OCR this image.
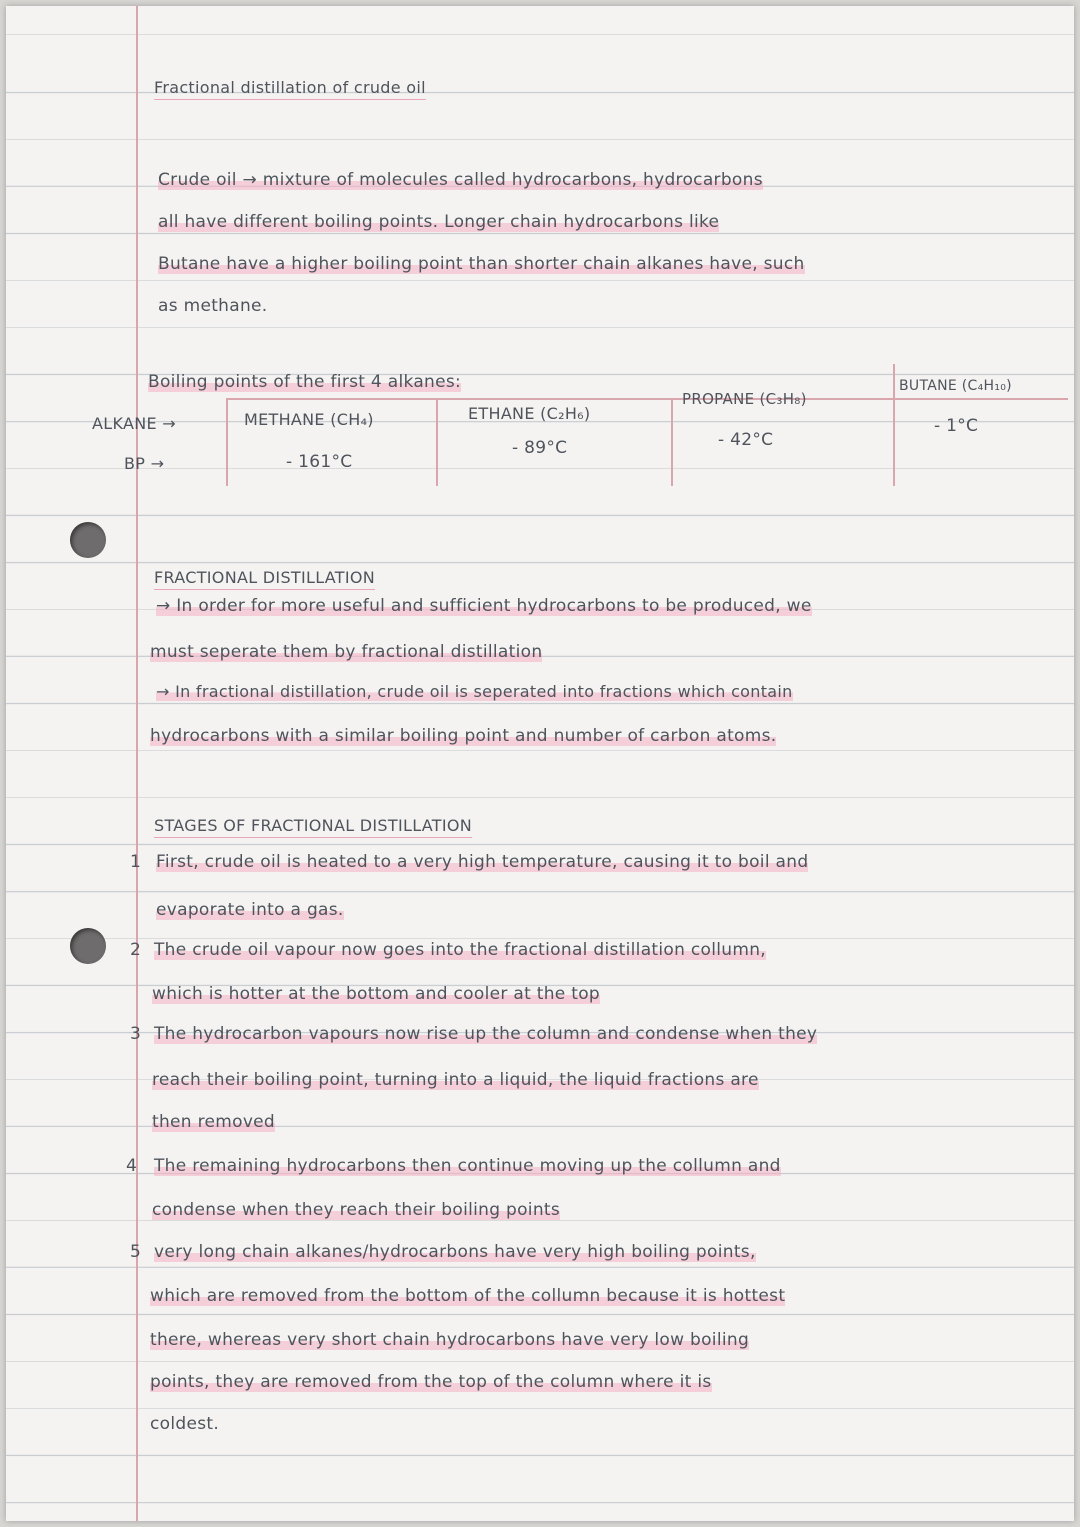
Fractional distillation of crude oil
Crude oil → mixture of molecules called hydrocarbons, hydrocarbons
all have different boiling points. Longer chain hydrocarbons like
Butane have a higher boiling point than shorter chain alkanes have, such
as methane.
Boiling points of the first 4 alkanes:
ALKANE →
BP →
METHANE (CH₄)
- 161°C
ETHANE (C₂H₆)
- 89°C
PROPANE (C₃H₈)
- 42°C
BUTANE (C₄H₁₀)
- 1°C
FRACTIONAL DISTILLATION
→ In order for more useful and sufficient hydrocarbons to be produced, we
must seperate them by fractional distillation
→ In fractional distillation, crude oil is seperated into fractions which contain
hydrocarbons with a similar boiling point and number of carbon atoms.
STAGES OF FRACTIONAL DISTILLATION
1 First, crude oil is heated to a very high temperature, causing it to boil and
evaporate into a gas.
2 The crude oil vapour now goes into the fractional distillation collumn,
which is hotter at the bottom and cooler at the top
3 The hydrocarbon vapours now rise up the column and condense when they
reach their boiling point, turning into a liquid, the liquid fractions are
then removed
4 The remaining hydrocarbons then continue moving up the collumn and
condense when they reach their boiling points
5 very long chain alkanes/hydrocarbons have very high boiling points,
which are removed from the bottom of the collumn because it is hottest
there, whereas very short chain hydrocarbons have very low boiling
points, they are removed from the top of the column where it is
coldest.
